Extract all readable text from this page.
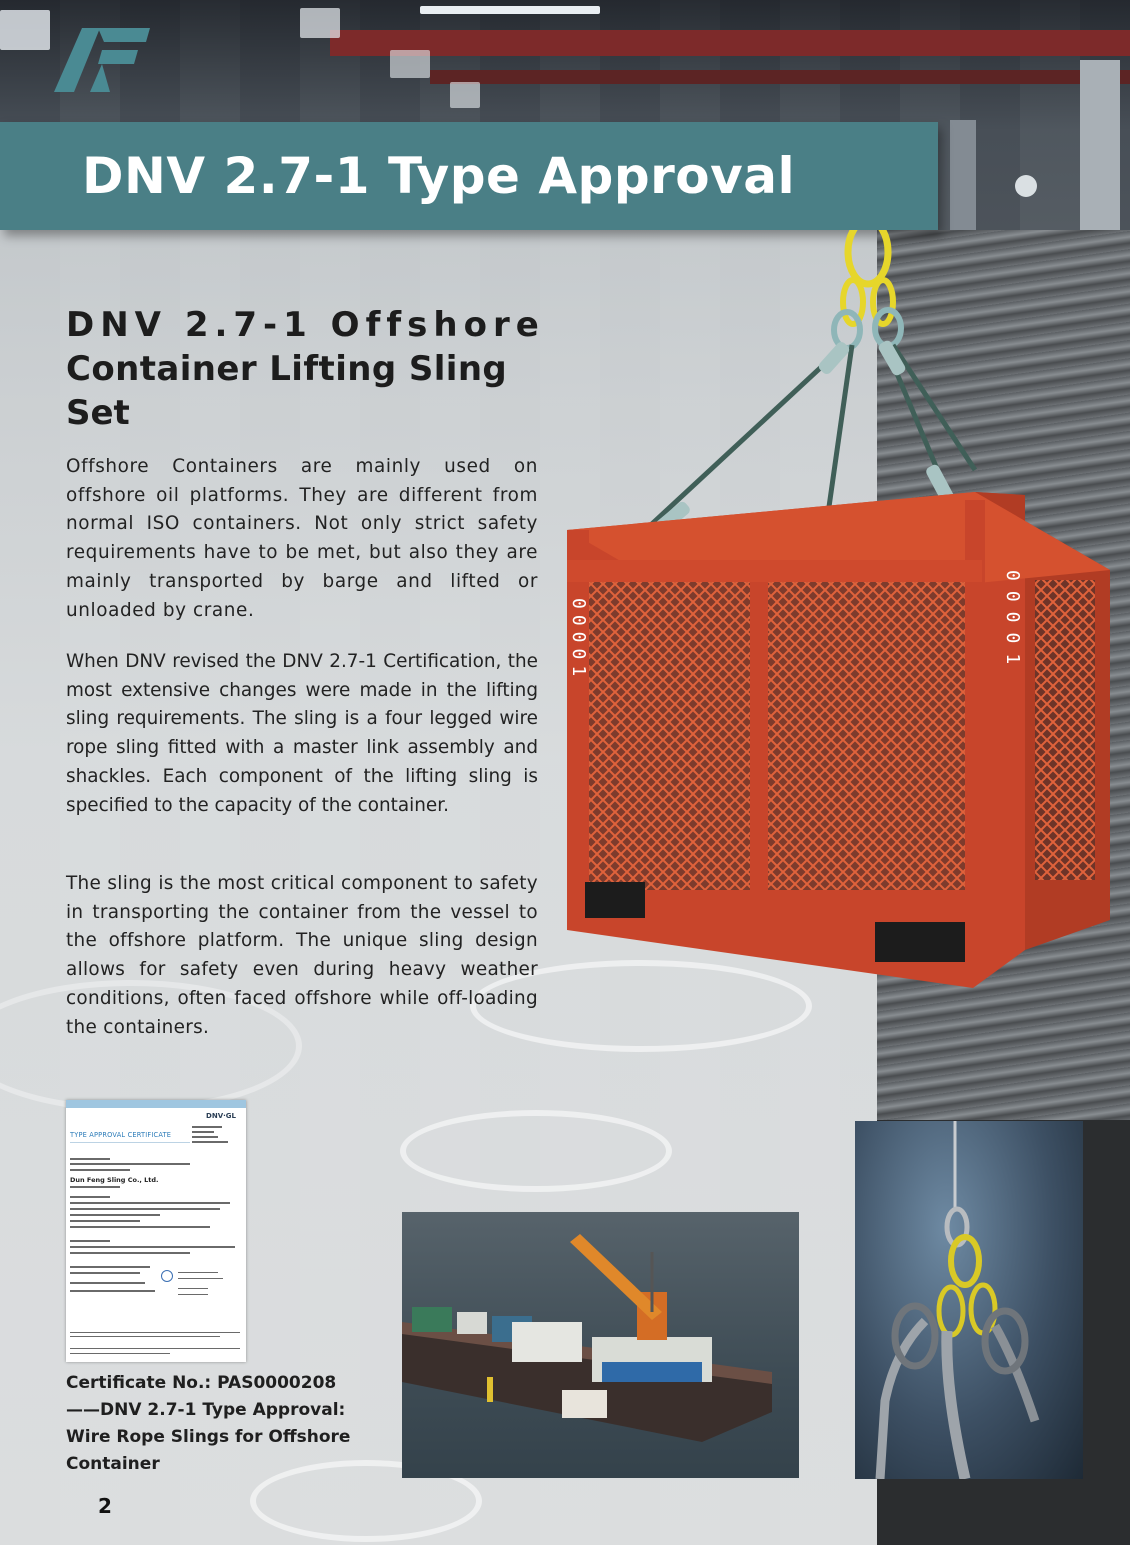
DNV 2.7-1 Type Approval
00001	00001
DNV 2.7-1 Offshore
Container Lifting Sling
Set

Offshore Containers are mainly used on offshore oil platforms. They are different from normal ISO containers. Not only strict safety requirements have to be met, but also they are mainly transported by barge and lifted or unloaded by crane.

When DNV revised the DNV 2.7-1 Certification, the most extensive changes were made in the lifting sling requirements. The sling is a four legged wire rope sling fitted with a master link assembly and shackles. Each component of the lifting sling is specified to the capacity of the container.

The sling is the most critical component to safety in transporting the container from the vessel to the offshore platform. The unique sling design allows for safety even during heavy weather conditions, often faced offshore while off-loading the containers.

DNV·GL
TYPE APPROVAL CERTIFICATE
Dun Feng Sling Co., Ltd.

Certificate No.: PAS0000208
——DNV 2.7-1 Type Approval:
Wire Rope Slings for Offshore
Container

2
